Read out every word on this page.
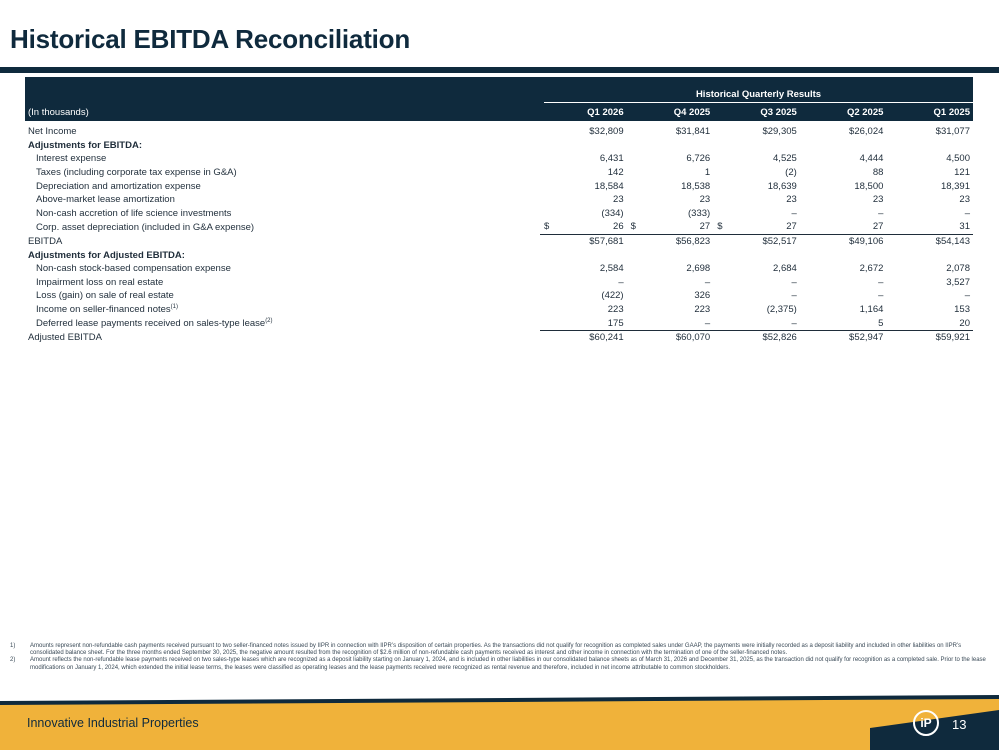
Historical EBITDA Reconciliation

	Historical Quarterly Results				

(In thousands)	Q1 2026	Q4 2025	Q3 2025	Q2 2025	Q1 2025
Net Income	$32,809	$31,841	$29,305	$26,024	$31,077
Adjustments for EBITDA:					
Interest expense	6,431	6,726	4,525	4,444	4,500
Taxes (including corporate tax expense in G&A)	142	1	(2)	88	121
Depreciation and amortization expense	18,584	18,538	18,639	18,500	18,391
Above-market lease amortization	23	23	23	23	23
Non-cash accretion of life science investments	(334)	(333)	–	–	–
Corp. asset depreciation (included in G&A expense)	$ 26	$ 27	$ 27	27	31
EBITDA	$57,681	$56,823	$52,517	$49,106	$54,143
Adjustments for Adjusted EBITDA:					
Non-cash stock-based compensation expense	2,584	2,698	2,684	2,672	2,078
Impairment loss on real estate	–	–	–	–	3,527
Loss (gain) on sale of real estate	(422)	326	–	–	–
Income on seller-financed notes$^{(1)}$	223	223	(2,375)	1,164	153
Deferred lease payments received on sales-type lease$^{(2)}$	175	–	–	5	20
Adjusted EBITDA	$60,241	$60,070	$52,826	$52,947	$59,921
1)	Amounts represent non-refundable cash payments received pursuant to two seller-financed notes issued by IIPR in connection with IIPR’s disposition of certain properties. As the transactions did not qualify for recognition as completed sales under GAAP, the payments were initially recorded as a deposit liability and included in other liabilities on IIPR’s consolidated balance sheet. For the three months ended September 30, 2025, the negative amount resulted from the recognition of $2.6 million of non-refundable cash payments received as interest and other income in connection with the termination of one of the seller-financed notes.
2)	Amount reflects the non-refundable lease payments received on two sales-type leases which are recognized as a deposit liability starting on January 1, 2024, and is included in other liabilities in our consolidated balance sheets as of March 31, 2026 and December 31, 2025, as the transaction did not qualify for recognition as a completed sale. Prior to the lease modifications on January 1, 2024, which extended the initial lease terms, the leases were classified as operating leases and the lease payments received were recognized as rental revenue and therefore, included in net income attributable to common stockholders.
Innovative Industrial Properties	iP	13
